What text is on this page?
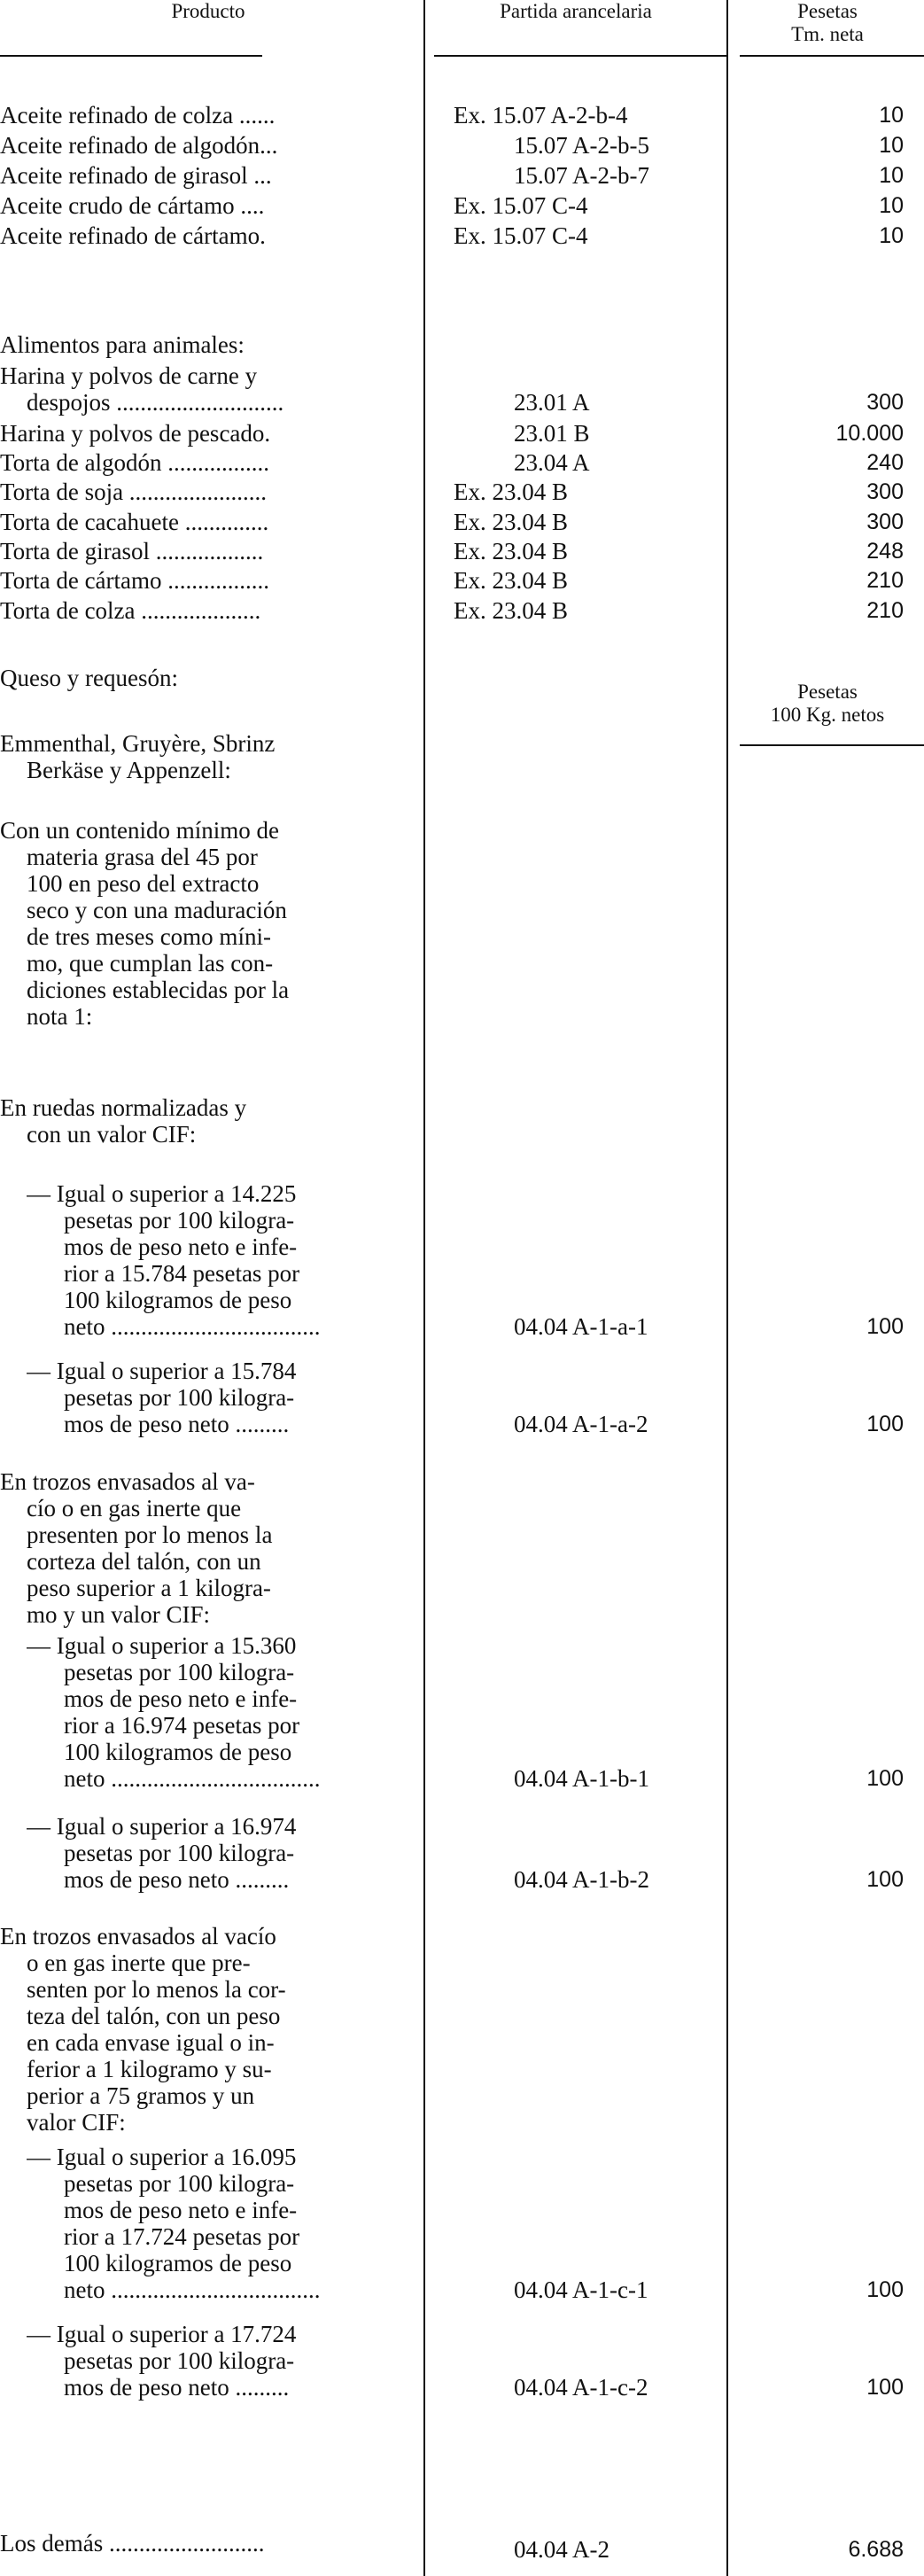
Producto	Partida arancelaria	Pesetas
Tm. neta
Aceite refinado de colza ......	Ex. 15.07 A-2-b-4	10
Aceite refinado de algodón...	15.07 A-2-b-5	10
Aceite refinado de girasol ...	15.07 A-2-b-7	10
Aceite crudo de cártamo ....	Ex. 15.07 C-4	10
Aceite refinado de cártamo.	Ex. 15.07 C-4	10
Alimentos para animales:
Harina y polvos de carne y
despojos ............................	23.01 A	300
Harina y polvos de pescado.	23.01 B	10.000
Torta de algodón .................	23.04 A	240
Torta de soja .......................	Ex. 23.04 B	300
Torta de cacahuete ..............	Ex. 23.04 B	300
Torta de girasol ..................	Ex. 23.04 B	248
Torta de cártamo .................	Ex. 23.04 B	210
Torta de colza ....................	Ex. 23.04 B	210
Queso y requesón:
Pesetas
100 Kg. netos
Emmenthal, Gruyère, Sbrinz
Berkäse y Appenzell:
Con un contenido mínimo de
materia grasa del 45 por
100 en peso del extracto
seco y con una maduración
de tres meses como míni-
mo, que cumplan las con-
diciones establecidas por la
nota 1:
En ruedas normalizadas y
con un valor CIF:
— Igual o superior a 14.225
pesetas por 100 kilogra-
mos de peso neto e infe-
rior a 15.784 pesetas por
100 kilogramos de peso
neto ...................................	04.04 A-1-a-1	100
— Igual o superior a 15.784
pesetas por 100 kilogra-
mos de peso neto .........	04.04 A-1-a-2	100
En trozos envasados al va-
cío o en gas inerte que
presenten por lo menos la
corteza del talón, con un
peso superior a 1 kilogra-
mo y un valor CIF:
— Igual o superior a 15.360
pesetas por 100 kilogra-
mos de peso neto e infe-
rior a 16.974 pesetas por
100 kilogramos de peso
neto ...................................	04.04 A-1-b-1	100
— Igual o superior a 16.974
pesetas por 100 kilogra-
mos de peso neto .........	04.04 A-1-b-2	100
En trozos envasados al vacío
o en gas inerte que pre-
senten por lo menos la cor-
teza del talón, con un peso
en cada envase igual o in-
ferior a 1 kilogramo y su-
perior a 75 gramos y un
valor CIF:
— Igual o superior a 16.095
pesetas por 100 kilogra-
mos de peso neto e infe-
rior a 17.724 pesetas por
100 kilogramos de peso
neto ...................................	04.04 A-1-c-1	100
— Igual o superior a 17.724
pesetas por 100 kilogra-
mos de peso neto .........	04.04 A-1-c-2	100
Los demás ..........................	04.04 A-2	6.688
